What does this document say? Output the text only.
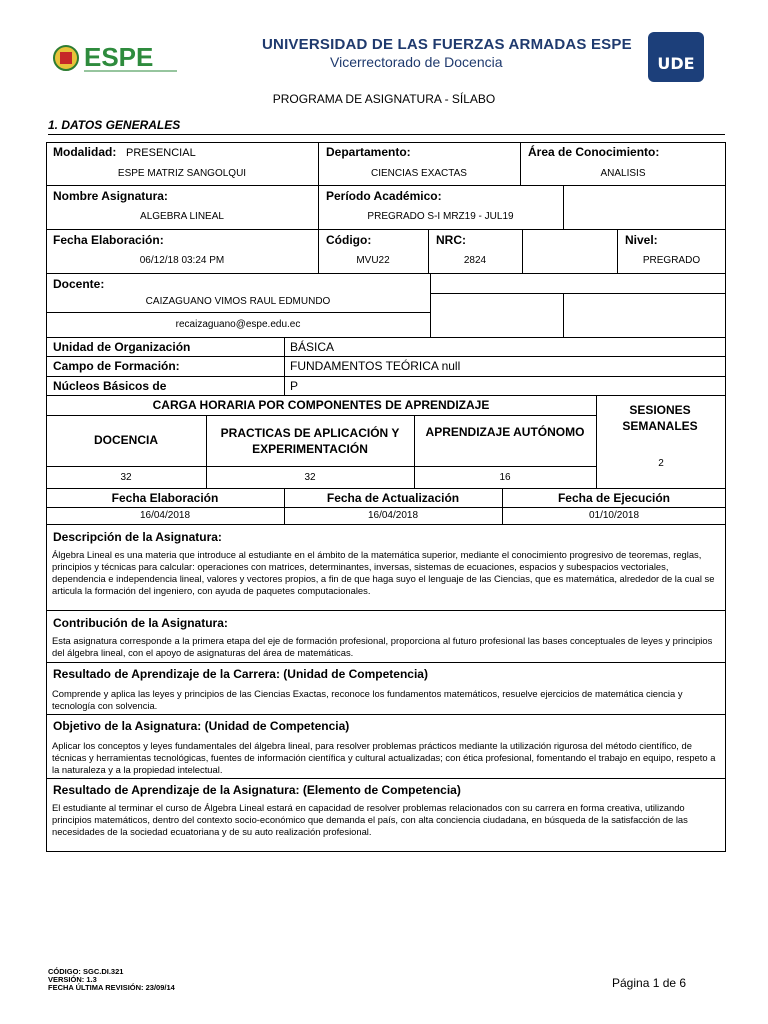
ESPE	UNIVERSIDAD DE LAS FUERZAS ARMADAS ESPE
Vicerrectorado de Docencia	UDE
PROGRAMA DE ASIGNATURA - SÍLABO
1. DATOS GENERALES
Modalidad: PRESENCIAL
ESPE MATRIZ SANGOLQUI
Departamento:
CIENCIAS EXACTAS
Área de Conocimiento:
ANALISIS
Nombre Asignatura:
ALGEBRA LINEAL
Período Académico:
PREGRADO S-I MRZ19 - JUL19
Fecha Elaboración:
06/12/18 03:24 PM
Código:
MVU22
NRC:
2824
Nivel:
PREGRADO
Docente:
CAIZAGUANO VIMOS RAUL EDMUNDO
recaizaguano@espe.edu.ec
Unidad de Organización	BÁSICA
Campo de Formación:	FUNDAMENTOS TEÓRICA null
Núcleos Básicos de	P
CARGA HORARIA POR COMPONENTES DE APRENDIZAJE	SESIONES SEMANALES
DOCENCIA	PRACTICAS DE APLICACIÓN Y EXPERIMENTACIÓN
APRENDIZAJE AUTÓNOMO
32	32	16
2
Fecha Elaboración	Fecha de Actualización	Fecha de Ejecución
16/04/2018	16/04/2018	01/10/2018
Descripción de la Asignatura:
Álgebra Lineal es una materia que introduce al estudiante en el ámbito de la matemática superior, mediante el conocimiento progresivo de teoremas, reglas, principios y técnicas para calcular: operaciones con matrices, determinantes, inversas, sistemas de ecuaciones, espacios y subespacios vectoriales, dependencia e independencia lineal, valores y vectores propios, a fin de que haga suyo el lenguaje de las Ciencias, que es matemática, alrededor de la cual se articula la formación del ingeniero, con ayuda de paquetes computacionales.
Contribución de la Asignatura:
Esta asignatura corresponde a la primera etapa del eje de formación profesional, proporciona al futuro profesional las bases conceptuales de leyes y principios del álgebra lineal, con el apoyo de asignaturas del área de matemáticas.
Resultado de Aprendizaje de la Carrera: (Unidad de Competencia)
Comprende y aplica las leyes y principios de las Ciencias Exactas, reconoce los fundamentos matemáticos, resuelve ejercicios de matemática ciencia y tecnología con solvencia.
Objetivo de la Asignatura: (Unidad de Competencia)
Aplicar los conceptos y leyes fundamentales del álgebra lineal, para resolver problemas prácticos mediante la utilización rigurosa del método científico, de técnicas y herramientas tecnológicas, fuentes de información científica y cultural actualizadas; con ética profesional, fomentando el trabajo en equipo, respeto a la naturaleza y a la propiedad intelectual.
Resultado de Aprendizaje de la Asignatura: (Elemento de Competencia)
El estudiante al terminar el curso de Álgebra Lineal estará en capacidad de resolver problemas relacionados con su carrera en forma creativa, utilizando principios matemáticos, dentro del contexto socio-económico que demanda el país, con alta conciencia ciudadana, en búsqueda de la satisfacción de las necesidades de la sociedad ecuatoriana y de su auto realización profesional.
CÓDIGO: SGC.DI.321
VERSIÓN: 1.3
FECHA ÚLTIMA REVISIÓN: 23/09/14	Página 1 de 6
